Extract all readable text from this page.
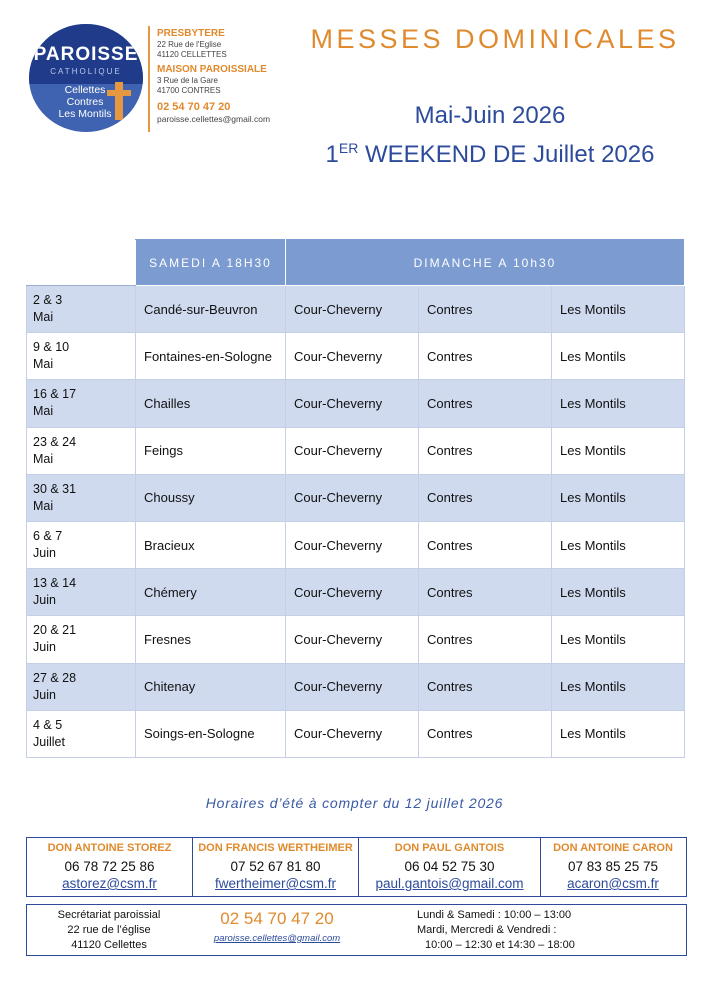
PAROISSE
CATHOLIQUE
Cellettes
Contres
Les Montils
PRESBYTERE
22 Rue de l'Eglise
41120 CELLETTES
MAISON PAROISSIALE
3 Rue de la Gare
41700 CONTRES
02 54 70 47 20
paroisse.cellettes@gmail.com
MESSES DOMINICALES
Mai-Juin 2026
1ER WEEKEND DE Juillet 2026
	SAMEDI A 18H30	DIMANCHE A 10h30		

2 & 3
Mai	Candé-sur-Beuvron	Cour-Cheverny	Contres	Les Montils

9 & 10
Mai	Fontaines-en-Sologne	Cour-Cheverny	Contres	Les Montils

16 & 17
Mai	Chailles	Cour-Cheverny	Contres	Les Montils

23 & 24
Mai	Feings	Cour-Cheverny	Contres	Les Montils

30 & 31
Mai	Choussy	Cour-Cheverny	Contres	Les Montils

6 & 7
Juin	Bracieux	Cour-Cheverny	Contres	Les Montils

13 & 14
Juin	Chémery	Cour-Cheverny	Contres	Les Montils

20 & 21
Juin	Fresnes	Cour-Cheverny	Contres	Les Montils

27 & 28
Juin	Chitenay	Cour-Cheverny	Contres	Les Montils

4 & 5
Juillet	Soings-en-Sologne	Cour-Cheverny	Contres	Les Montils
Horaires d’été à compter du 12 juillet 2026
DON ANTOINE STOREZ
06 78 72 25 86
astorez@csm.fr
DON FRANCIS WERTHEIMER
07 52 67 81 80
fwertheimer@csm.fr
DON PAUL GANTOIS
06 04 52 75 30
paul.gantois@gmail.com
DON ANTOINE CARON
07 83 85 25 75
acaron@csm.fr
Secrétariat paroissial
22 rue de l’église
41120 Cellettes
02 54 70 47 20
paroisse.cellettes@gmail.com
Lundi & Samedi : 10:00 – 13:00
Mardi, Mercredi & Vendredi :
10:00 – 12:30 et 14:30 – 18:00
